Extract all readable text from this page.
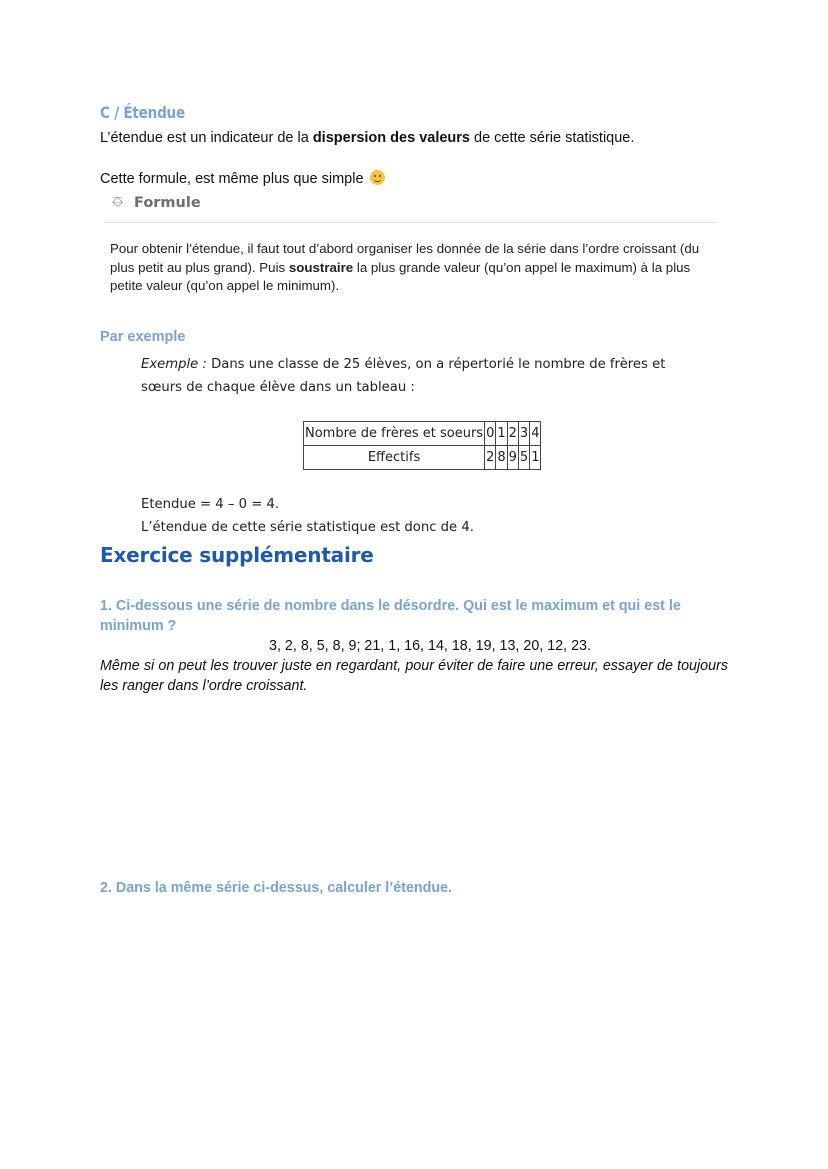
C / Étendue
L’étendue est un indicateur de la dispersion des valeurs de cette série statistique.
Cette formule, est même plus que simple
⎑ Formule
Pour obtenir l’étendue, il faut tout d’abord organiser les donnée de la série dans l’ordre croissant (du plus petit au plus grand). Puis soustraire la plus grande valeur (qu’on appel le maximum) à la plus petite valeur (qu’on appel le minimum).
Par exemple
Exemple : Dans une classe de 25 élèves, on a répertorié le nombre de frères et sœurs de chaque élève dans un tableau :
Nombre de frères et soeurs	0	1	2	3	4
Effectifs	2	8	9	5	1
Etendue = 4 – 0 = 4.
L’étendue de cette série statistique est donc de 4.
Exercice supplémentaire
1. Ci-dessous une série de nombre dans le désordre. Qui est le maximum et qui est le minimum ?
3, 2, 8, 5, 8, 9; 21, 1, 16, 14, 18, 19, 13, 20, 12, 23.
Même si on peut les trouver juste en regardant, pour éviter de faire une erreur, essayer de toujours les ranger dans l’ordre croissant.
2. Dans la même série ci-dessus, calculer l’étendue.
